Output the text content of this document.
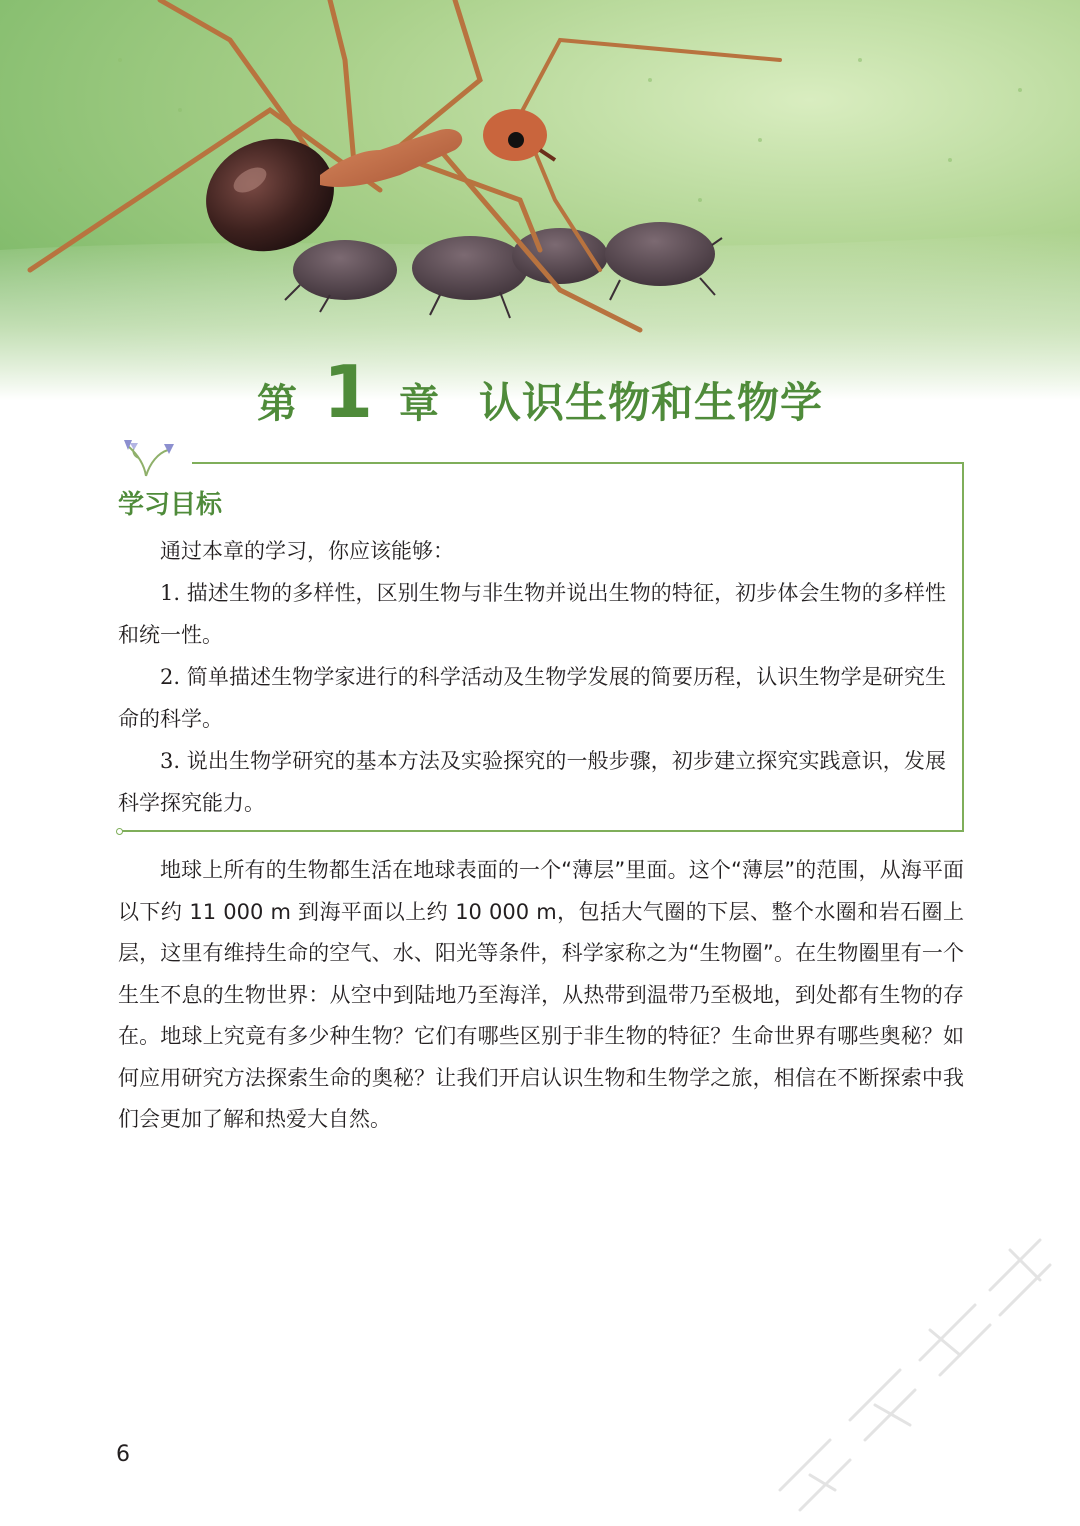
第 1 章 认识生物和生物学
学习目标

通过本章的学习，你应该能够：

1. 描述生物的多样性，区别生物与非生物并说出生物的特征，初步体会生物的多样性和统一性。

2. 简单描述生物学家进行的科学活动及生物学发展的简要历程，认识生物学是研究生命的科学。

3. 说出生物学研究的基本方法及实验探究的一般步骤，初步建立探究实践意识，发展科学探究能力。

地球上所有的生物都生活在地球表面的一个“薄层”里面。这个“薄层”的范围，从海平面以下约 11 000 m 到海平面以上约 10 000 m，包括大气圈的下层、整个水圈和岩石圈上层，这里有维持生命的空气、水、阳光等条件，科学家称之为“生物圈”。在生物圈里有一个生生不息的生物世界：从空中到陆地乃至海洋，从热带到温带乃至极地，到处都有生物的存在。地球上究竟有多少种生物？它们有哪些区别于非生物的特征？生命世界有哪些奥秘？如何应用研究方法探索生命的奥秘？让我们开启认识生物和生物学之旅，相信在不断探索中我们会更加了解和热爱大自然。

6
